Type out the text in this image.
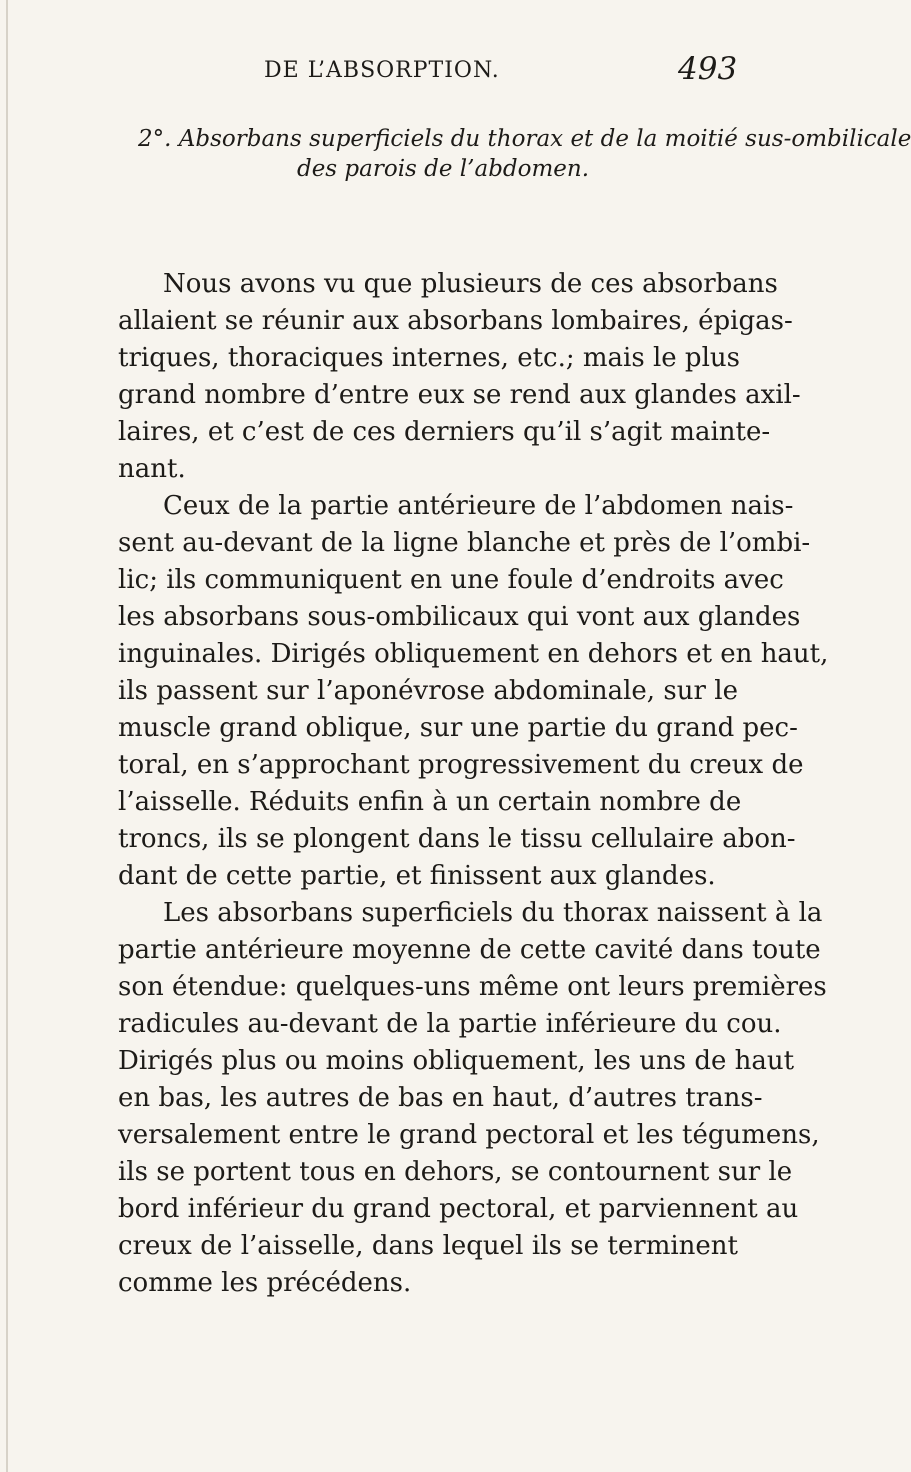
DE L’ABSORPTION.	493
2°. Absorbans superficiels du thorax et de la moitié sus-ombilicale
des parois de l’abdomen.
Nous avons vu que plusieurs de ces absorbans
allaient se réunir aux absorbans lombaires, épigas-
triques, thoraciques internes, etc.; mais le plus
grand nombre d’entre eux se rend aux glandes axil-
laires, et c’est de ces derniers qu’il s’agit mainte-
nant.
Ceux de la partie antérieure de l’abdomen nais-
sent au-devant de la ligne blanche et près de l’ombi-
lic; ils communiquent en une foule d’endroits avec
les absorbans sous-ombilicaux qui vont aux glandes
inguinales. Dirigés obliquement en dehors et en haut,
ils passent sur l’aponévrose abdominale, sur le
muscle grand oblique, sur une partie du grand pec-
toral, en s’approchant progressivement du creux de
l’aisselle. Réduits enfin à un certain nombre de
troncs, ils se plongent dans le tissu cellulaire abon-
dant de cette partie, et finissent aux glandes.
Les absorbans superficiels du thorax naissent à la
partie antérieure moyenne de cette cavité dans toute
son étendue: quelques-uns même ont leurs premières
radicules au-devant de la partie inférieure du cou.
Dirigés plus ou moins obliquement, les uns de haut
en bas, les autres de bas en haut, d’autres trans-
versalement entre le grand pectoral et les tégumens,
ils se portent tous en dehors, se contournent sur le
bord inférieur du grand pectoral, et parviennent au
creux de l’aisselle, dans lequel ils se terminent
comme les précédens.
